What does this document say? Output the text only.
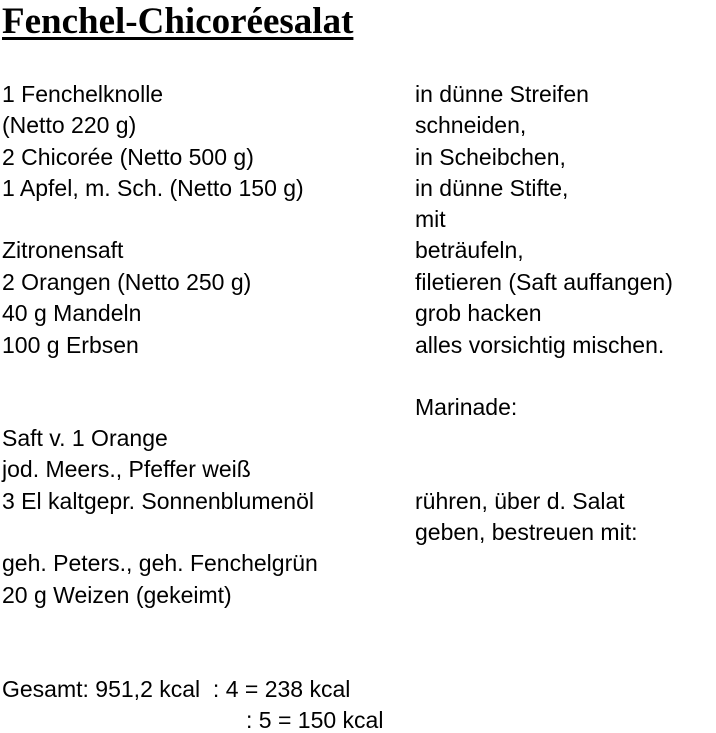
Fenchel-Chicoréesalat
1 Fenchelknolle
(Netto 220 g)
2 Chicorée (Netto 500 g)
1 Apfel, m. Sch. (Netto 150 g)
Zitronensaft
2 Orangen (Netto 250 g)
40 g Mandeln
100 g Erbsen
in dünne Streifen
schneiden,
in Scheibchen,
in dünne Stifte,
mit
beträufeln,
filetieren (Saft auffangen)
grob hacken
alles vorsichtig mischen.
Marinade:
Saft v. 1 Orange
jod. Meers., Pfeffer weiß
3 El kaltgepr. Sonnenblumenöl	rühren, über d. Salat
geben, bestreuen mit:
geh. Peters., geh. Fenchelgrün
20 g Weizen (gekeimt)
Gesamt: 951,2 kcal  : 4 = 238 kcal
: 5 = 150 kcal
